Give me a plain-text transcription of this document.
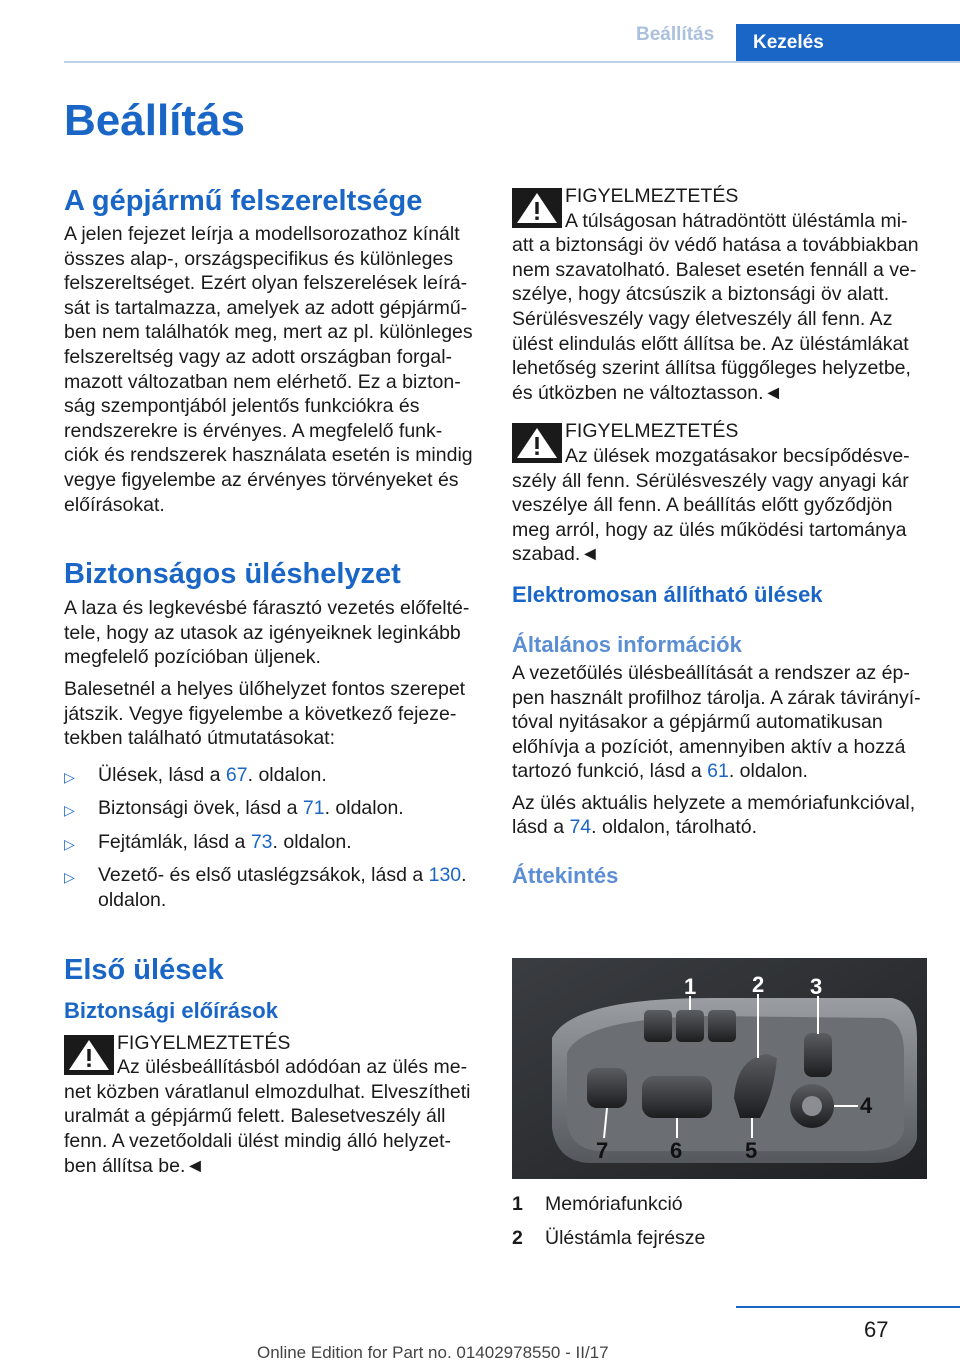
Beállítás	Kezelés
Beállítás
A gépjármű felszereltsége

A jelen fejezet leírja a modellsorozathoz kínált
összes alap-, országspecifikus és különleges
felszereltséget. Ezért olyan felszerelések leírá-
sát is tartalmazza, amelyek az adott gépjármű-
ben nem találhatók meg, mert az pl. különleges
felszereltség vagy az adott országban forgal-
mazott változatban nem elérhető. Ez a bizton-
ság szempontjából jelentős funkciókra és
rendszerekre is érvényes. A megfelelő funk-
ciók és rendszerek használata esetén is mindig
vegye figyelembe az érvényes törvényeket és
előírásokat.

Biztonságos üléshelyzet

A laza és legkevésbé fárasztó vezetés előfelté-
tele, hogy az utasok az igényeiknek leginkább
megfelelő pozícióban üljenek.

Balesetnél a helyes ülőhelyzet fontos szerepet
játszik. Vegye figyelembe a következő fejeze-
tekben található útmutatásokat:

▷ Ülések, lásd a 67. oldalon.
▷ Biztonsági övek, lásd a 71. oldalon.
▷ Fejtámlák, lásd a 73. oldalon.
▷ Vezető- és első utaslégzsákok, lásd a 130.
oldalon.
Első ülések
Biztonsági előírások
FIGYELMEZTETÉS
Az ülésbeállításból adódóan az ülés me-
net közben váratlanul elmozdulhat. Elveszítheti
uralmát a gépjármű felett. Balesetveszély áll
fenn. A vezetőoldali ülést mindig álló helyzet-
ben állítsa be.◄
FIGYELMEZTETÉS
A túlságosan hátradöntött üléstámla mi-
att a biztonsági öv védő hatása a továbbiakban
nem szavatolható. Baleset esetén fennáll a ve-
szélye, hogy átcsúszik a biztonsági öv alatt.
Sérülésveszély vagy életveszély áll fenn. Az
ülést elindulás előtt állítsa be. Az üléstámlákat
lehetőség szerint állítsa függőleges helyzetbe,
és útközben ne változtasson.◄
FIGYELMEZTETÉS
Az ülések mozgatásakor becsípődésve-
szély áll fenn. Sérülésveszély vagy anyagi kár
veszélye áll fenn. A beállítás előtt győződjön
meg arról, hogy az ülés működési tartománya
szabad.◄
Elektromosan állítható ülések
Általános információk

A vezetőülés ülésbeállítását a rendszer az ép-
pen használt profilhoz tárolja. A zárak távirányí-
tóval nyitásakor a gépjármű automatikusan
előhívja a pozíciót, amennyiben aktív a hozzá
tartozó funkció, lásd a 61. oldalon.

Az ülés aktuális helyzete a memóriafunkcióval,
lásd a 74. oldalon, tárolható.

Áttekintés
1	2 3
4
5
6
7
1 Memóriafunkció
2 Üléstámla fejrésze
67
Online Edition for Part no. 01402978550 - II/17
